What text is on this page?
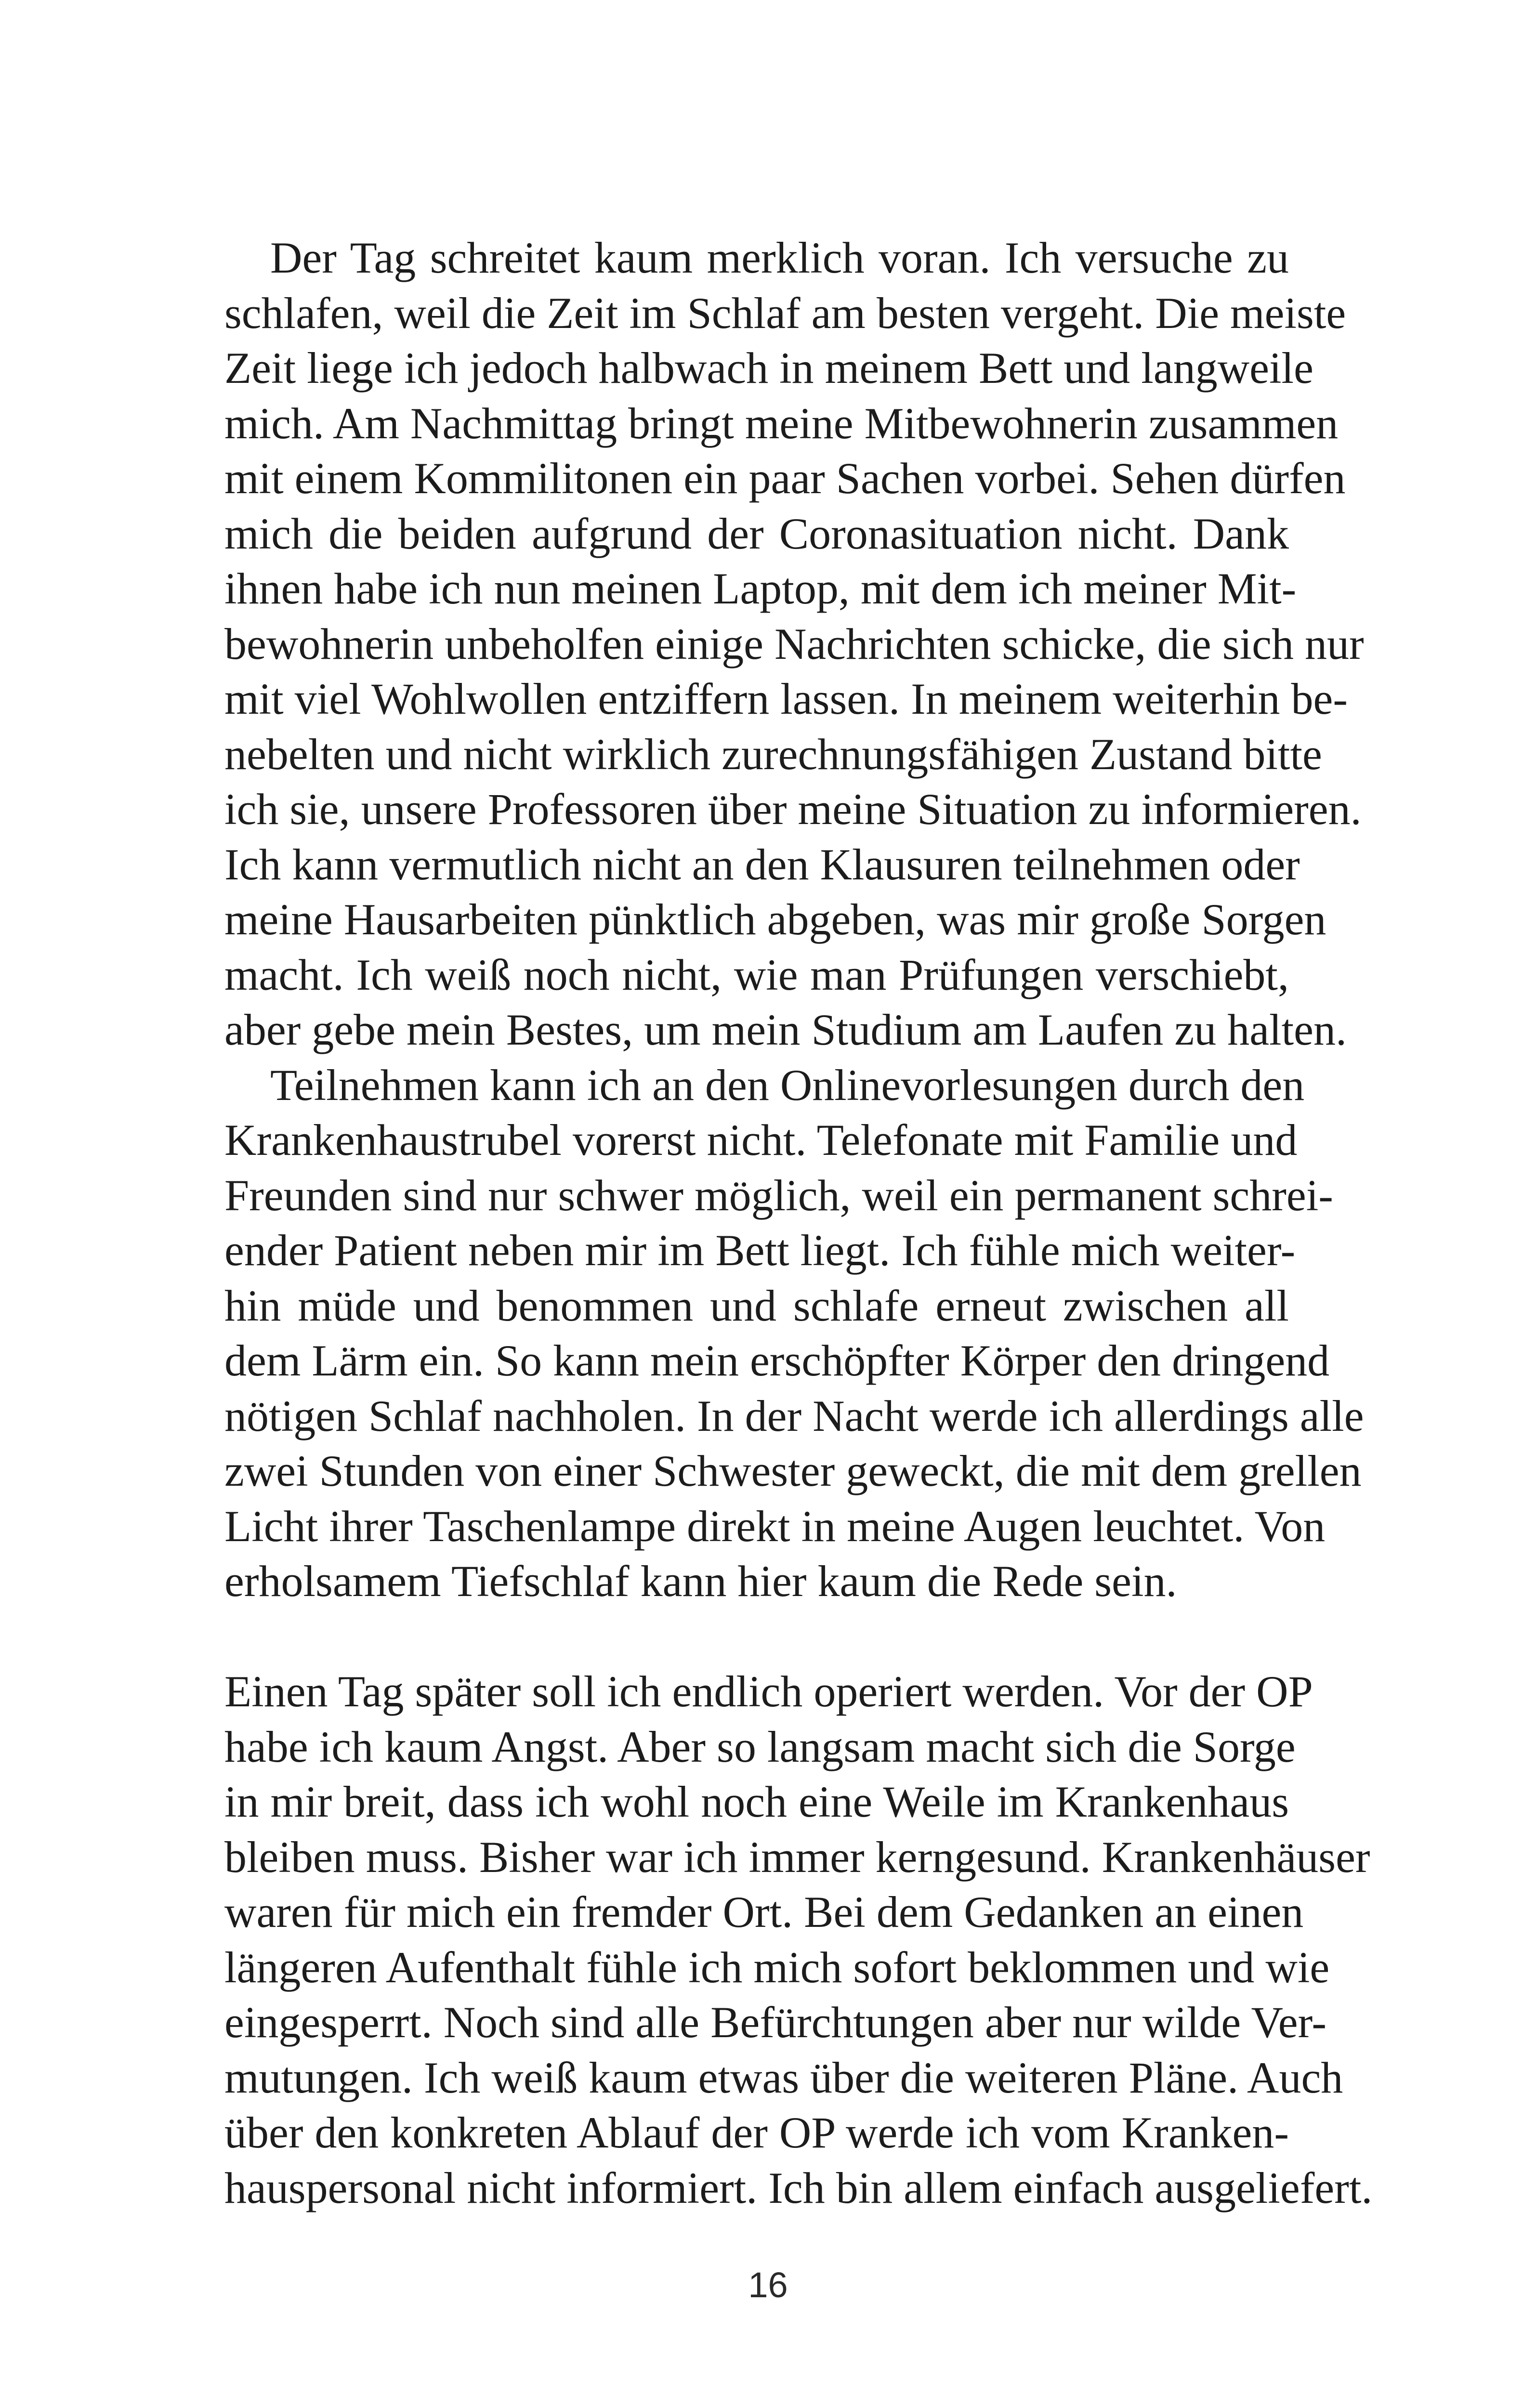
Der Tag schreitet kaum merklich voran. Ich versuche zu
schlafen, weil die Zeit im Schlaf am besten vergeht. Die meiste
Zeit liege ich jedoch halbwach in meinem Bett und langweile
mich. Am Nachmittag bringt meine Mitbewohnerin zusammen
mit einem Kommilitonen ein paar Sachen vorbei. Sehen dürfen
mich die beiden aufgrund der Coronasituation nicht. Dank
ihnen habe ich nun meinen Laptop, mit dem ich meiner Mit-
bewohnerin unbeholfen einige Nachrichten schicke, die sich nur
mit viel Wohlwollen entziffern lassen. In meinem weiterhin be-
nebelten und nicht wirklich zurechnungsfähigen Zustand bitte
ich sie, unsere Professoren über meine Situation zu informieren.
Ich kann vermutlich nicht an den Klausuren teilnehmen oder
meine Hausarbeiten pünktlich abgeben, was mir große Sorgen
macht. Ich weiß noch nicht, wie man Prüfungen verschiebt,
aber gebe mein Bestes, um mein Studium am Laufen zu halten.
Teilnehmen kann ich an den Onlinevorlesungen durch den
Krankenhaustrubel vorerst nicht. Telefonate mit Familie und
Freunden sind nur schwer möglich, weil ein permanent schrei-
ender Patient neben mir im Bett liegt. Ich fühle mich weiter-
hin müde und benommen und schlafe erneut zwischen all
dem Lärm ein. So kann mein erschöpfter Körper den dringend
nötigen Schlaf nachholen. In der Nacht werde ich allerdings alle
zwei Stunden von einer Schwester geweckt, die mit dem grellen
Licht ihrer Taschenlampe direkt in meine Augen leuchtet. Von
erholsamem Tiefschlaf kann hier kaum die Rede sein.
Einen Tag später soll ich endlich operiert werden. Vor der OP
habe ich kaum Angst. Aber so langsam macht sich die Sorge
in mir breit, dass ich wohl noch eine Weile im Krankenhaus
bleiben muss. Bisher war ich immer kerngesund. Krankenhäuser
waren für mich ein fremder Ort. Bei dem Gedanken an einen
längeren Aufenthalt fühle ich mich sofort beklommen und wie
eingesperrt. Noch sind alle Befürchtungen aber nur wilde Ver-
mutungen. Ich weiß kaum etwas über die weiteren Pläne. Auch
über den konkreten Ablauf der OP werde ich vom Kranken-
hauspersonal nicht informiert. Ich bin allem einfach ausgeliefert.
16
